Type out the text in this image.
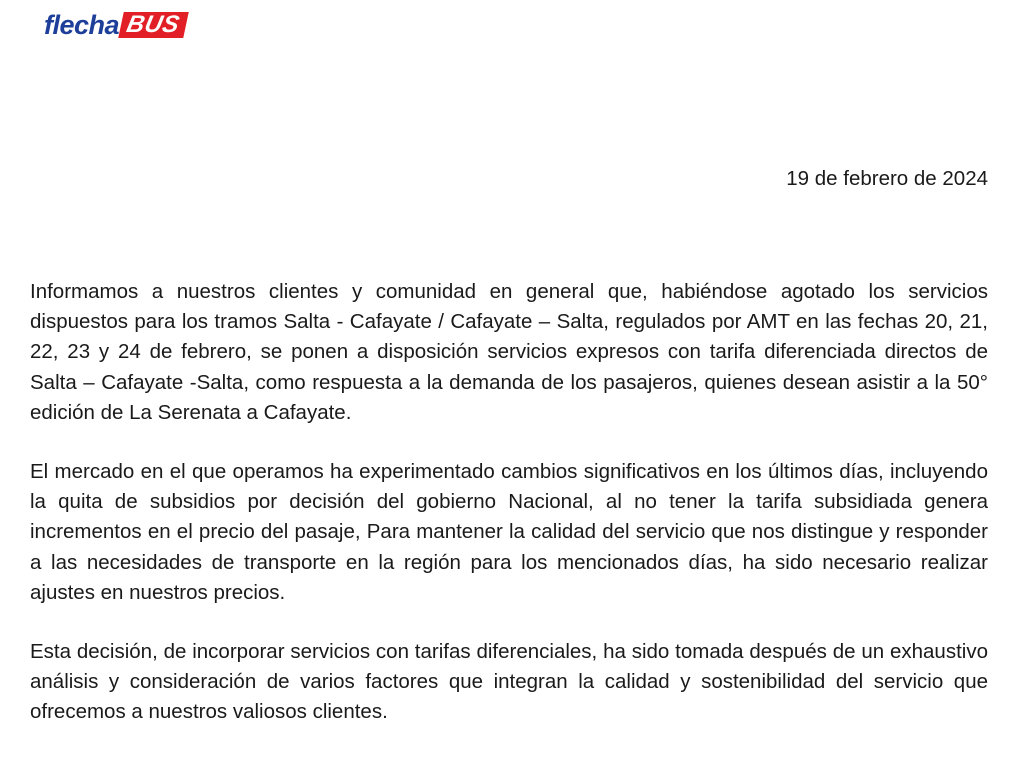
flecha BUS
19 de febrero de 2024

Informamos a nuestros clientes y comunidad en general que, habiéndose agotado los servicios dispuestos para los tramos Salta - Cafayate / Cafayate – Salta, regulados por AMT en las fechas 20, 21, 22, 23 y 24 de febrero, se ponen a disposición servicios expresos con tarifa diferenciada directos de Salta – Cafayate -Salta, como respuesta a la demanda de los pasajeros, quienes desean asistir a la 50° edición de La Serenata a Cafayate.

El mercado en el que operamos ha experimentado cambios significativos en los últimos días, incluyendo la quita de subsidios por decisión del gobierno Nacional, al no tener la tarifa subsidiada genera incrementos en el precio del pasaje, Para mantener la calidad del servicio que nos distingue y responder a las necesidades de transporte en la región para los mencionados días, ha sido necesario realizar ajustes en nuestros precios.

Esta decisión, de incorporar servicios con tarifas diferenciales, ha sido tomada después de un exhaustivo análisis y consideración de varios factores que integran la calidad y sostenibilidad del servicio que ofrecemos a nuestros valiosos clientes.
